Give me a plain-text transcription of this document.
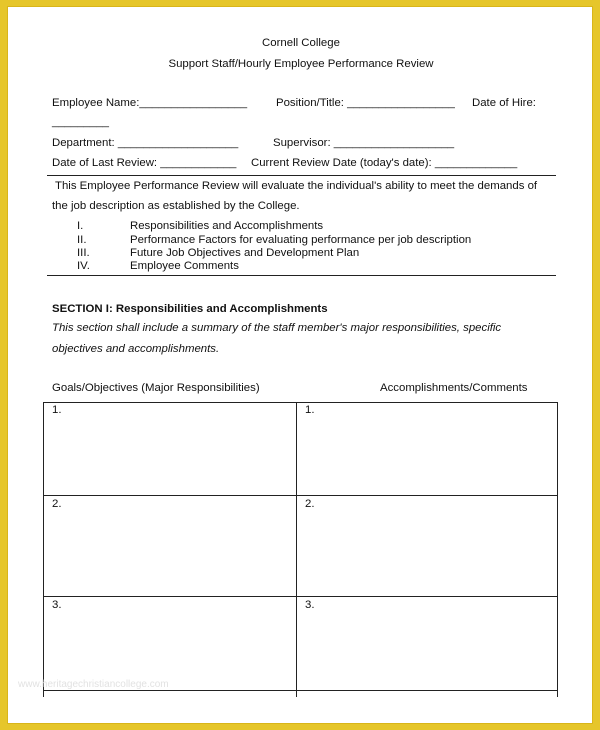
Cornell College
Support Staff/Hourly Employee Performance Review
Employee Name:_________________	Position/Title: _________________ Date of Hire:
_________
Department: ___________________	Supervisor: ___________________
Date of Last Review: ____________ Current Review Date (today's date): _____________
This Employee Performance Review will evaluate the individual's ability to meet the demands of
the job description as established by the College.
I.	Responsibilities and Accomplishments
II.	Performance Factors for evaluating performance per job description
III.	Future Job Objectives and Development Plan
IV.	Employee Comments
SECTION I: Responsibilities and Accomplishments
This section shall include a summary of the staff member's major responsibilities, specific
objectives and accomplishments.
Goals/Objectives (Major Responsibilities)	Accomplishments/Comments
1.	1.
2.	2.
3.	3.
www.heritagechristiancollege.com
